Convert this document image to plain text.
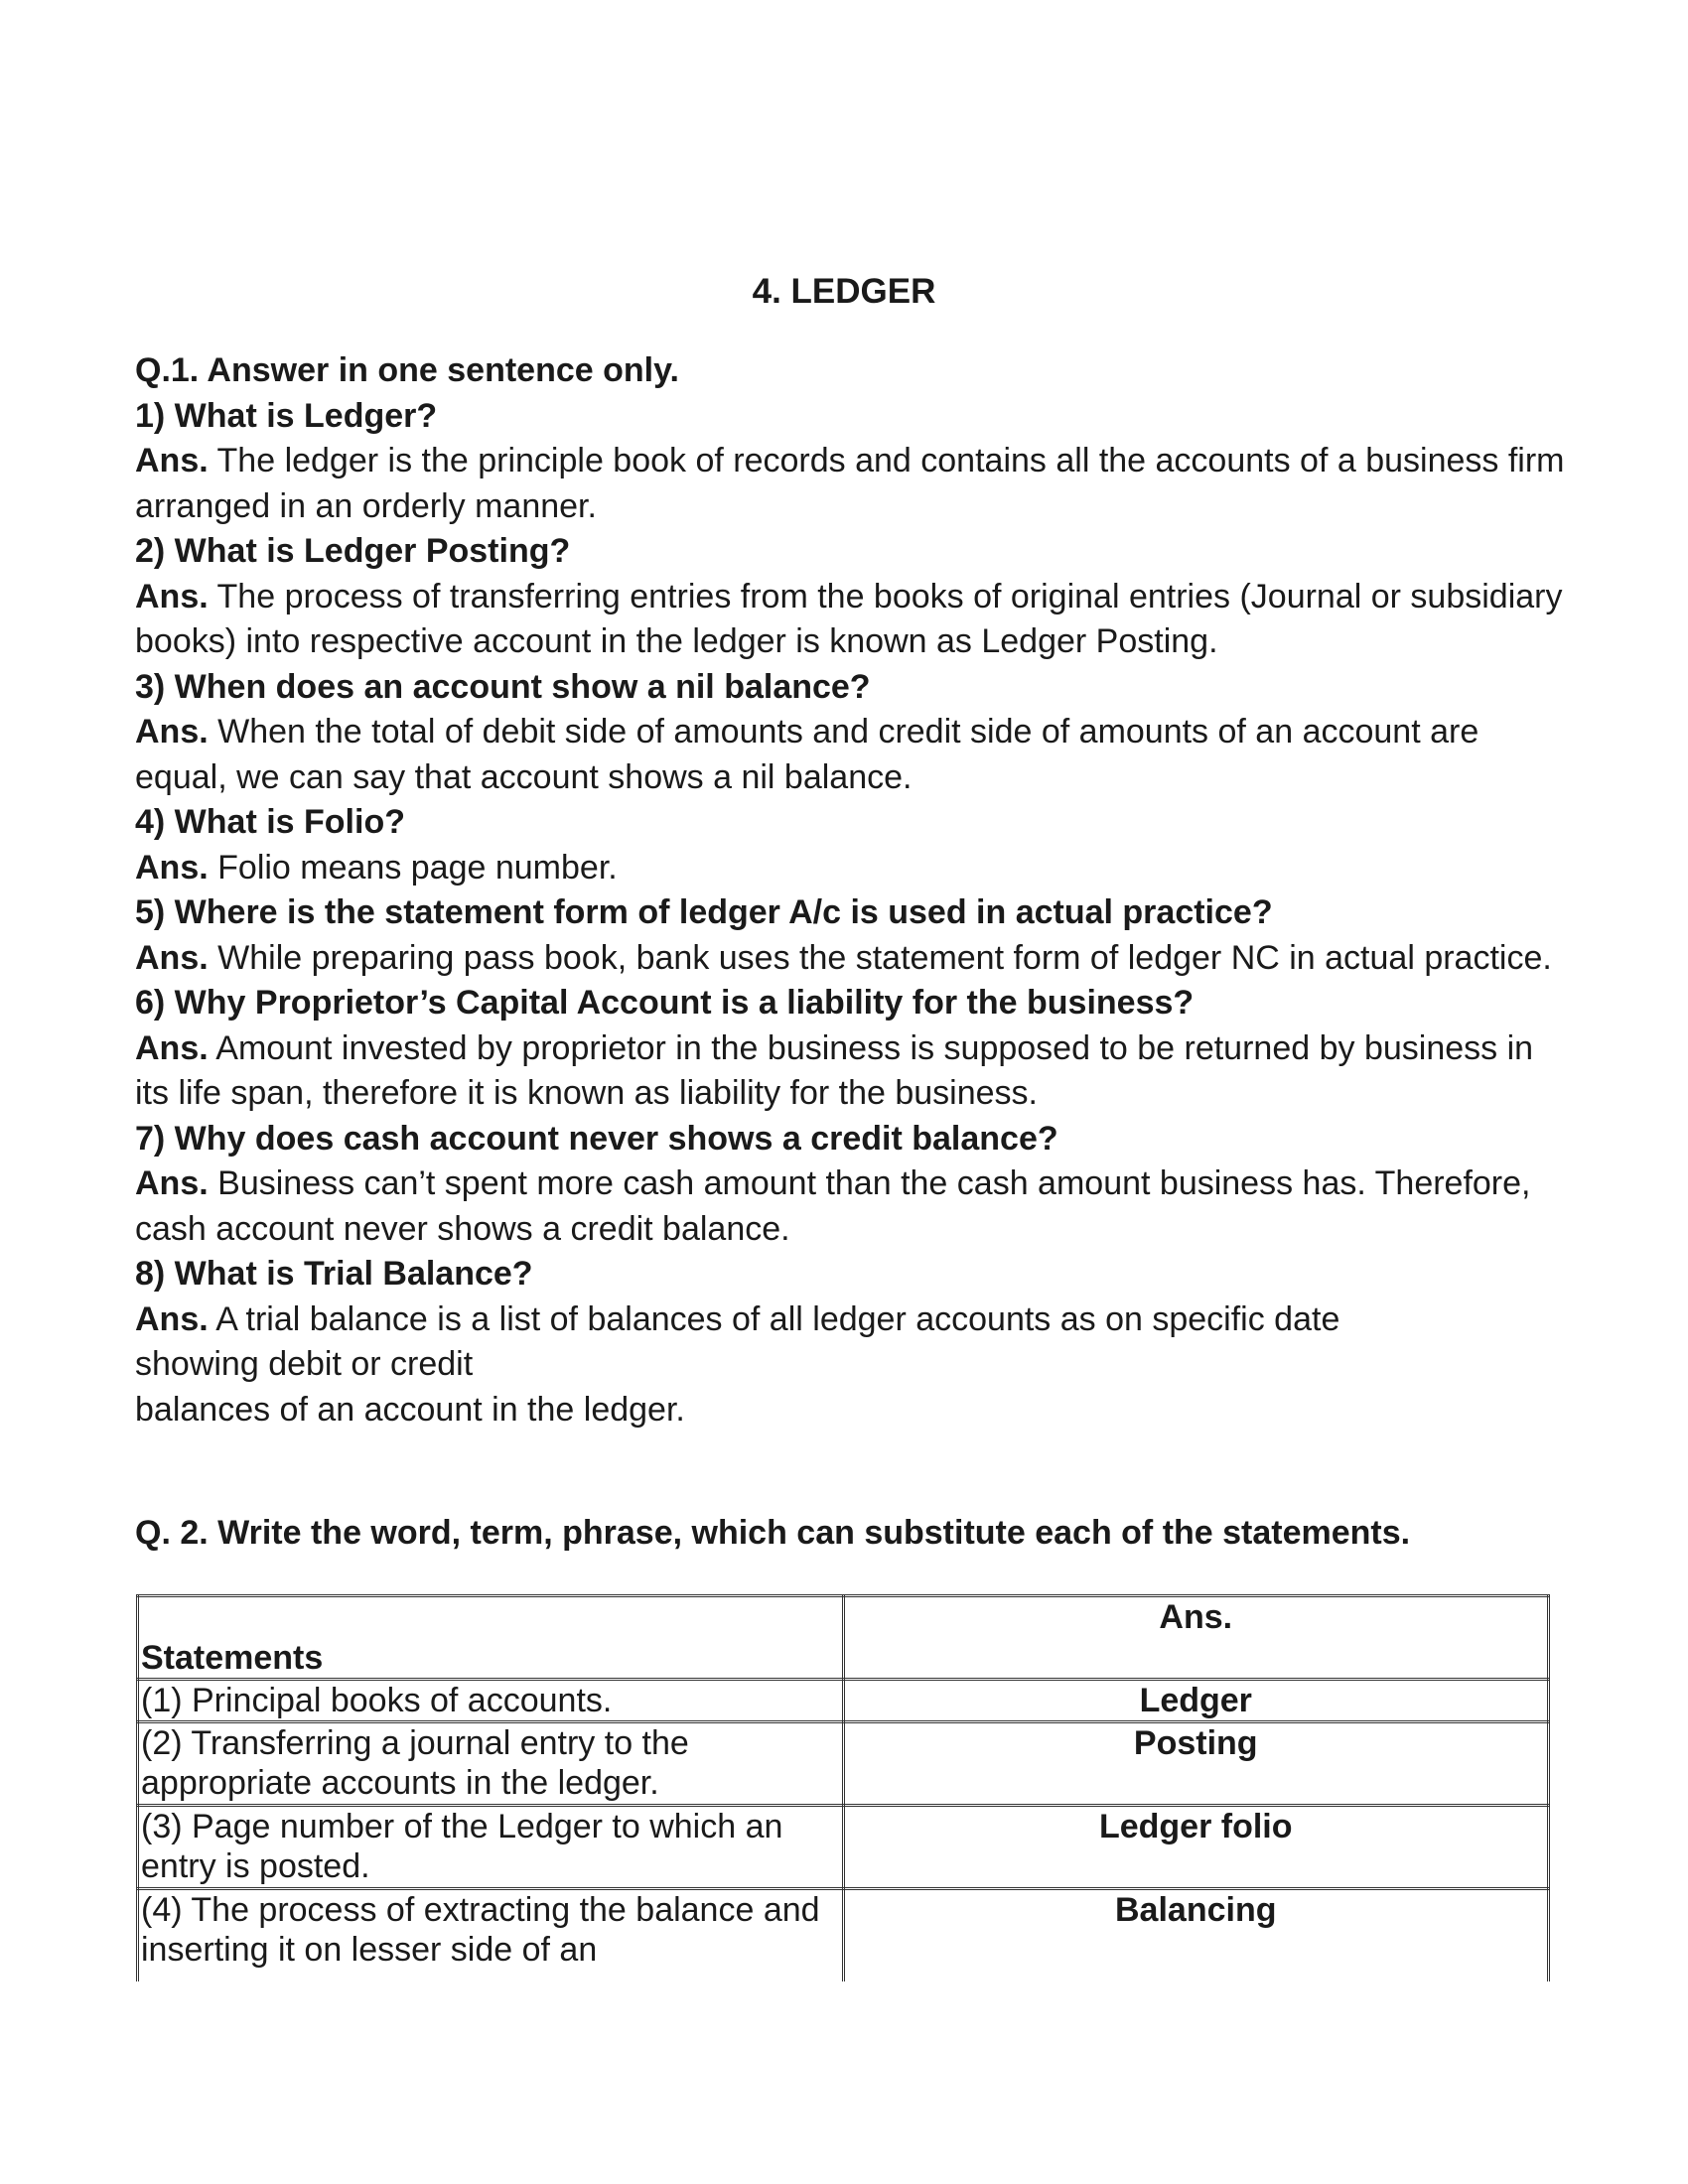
4. LEDGER

Q.1. Answer in one sentence only.

1) What is Ledger?

Ans. The ledger is the principle book of records and contains all the accounts of a business firm arranged in an orderly manner.

2) What is Ledger Posting?

Ans. The process of transferring entries from the books of original entries (Journal or subsidiary books) into respective account in the ledger is known as Ledger Posting.

3) When does an account show a nil balance?

Ans. When the total of debit side of amounts and credit side of amounts of an account are equal, we can say that account shows a nil balance.

4) What is Folio?

Ans. Folio means page number.

5) Where is the statement form of ledger A/c is used in actual practice?

Ans. While preparing pass book, bank uses the statement form of ledger NC in actual practice.

6) Why Proprietor’s Capital Account is a liability for the business?

Ans. Amount invested by proprietor in the business is supposed to be returned by business in its life span, therefore it is known as liability for the business.

7) Why does cash account never shows a credit balance?

Ans. Business can’t spent more cash amount than the cash amount business has. Therefore, cash account never shows a credit balance.

8) What is Trial Balance?

Ans. A trial balance is a list of balances of all ledger accounts as on specific date

showing debit or credit

balances of an account in the ledger.

Q. 2. Write the word, term, phrase, which can substitute each of the statements.
Statements	Ans.
(1) Principal books of accounts.	Ledger
(2) Transferring a journal entry to the appropriate accounts in the ledger.	Posting
(3) Page number of the Ledger to which an entry is posted.	Ledger folio
(4) The process of extracting the balance and inserting it on lesser side of an	Balancing
